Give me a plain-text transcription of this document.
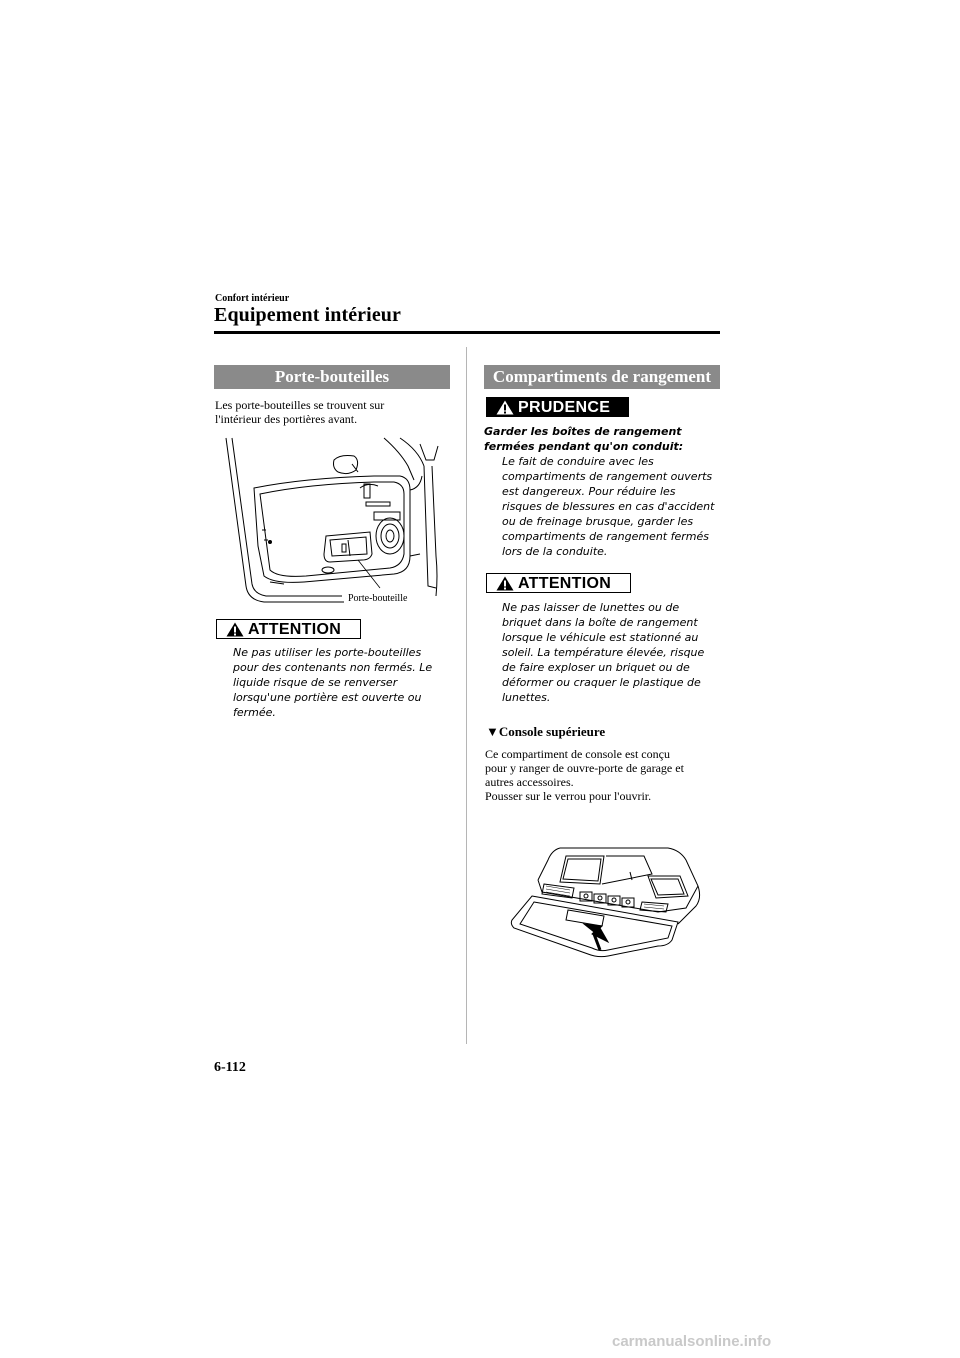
Confort intérieur
Equipement intérieur
Porte-bouteilles
Les porte-bouteilles se trouvent sur
l'intérieur des portières avant.
Porte-bouteille
ATTENTION
Ne pas utiliser les porte-bouteilles
pour des contenants non fermés. Le
liquide risque de se renverser
lorsqu'une portière est ouverte ou
fermée.
Compartiments de rangement
PRUDENCE
Garder les boîtes de rangement
fermées pendant qu'on conduit:
Le fait de conduire avec les
compartiments de rangement ouverts
est dangereux. Pour réduire les
risques de blessures en cas d'accident
ou de freinage brusque, garder les
compartiments de rangement fermés
lors de la conduite.
ATTENTION
Ne pas laisser de lunettes ou de
briquet dans la boîte de rangement
lorsque le véhicule est stationné au
soleil. La température élevée, risque
de faire exploser un briquet ou de
déformer ou craquer le plastique de
lunettes.
▼Console supérieure
Ce compartiment de console est conçu
pour y ranger de ouvre-porte de garage et
autres accessoires.
Pousser sur le verrou pour l'ouvrir.
6-112
carmanualsonline.info
